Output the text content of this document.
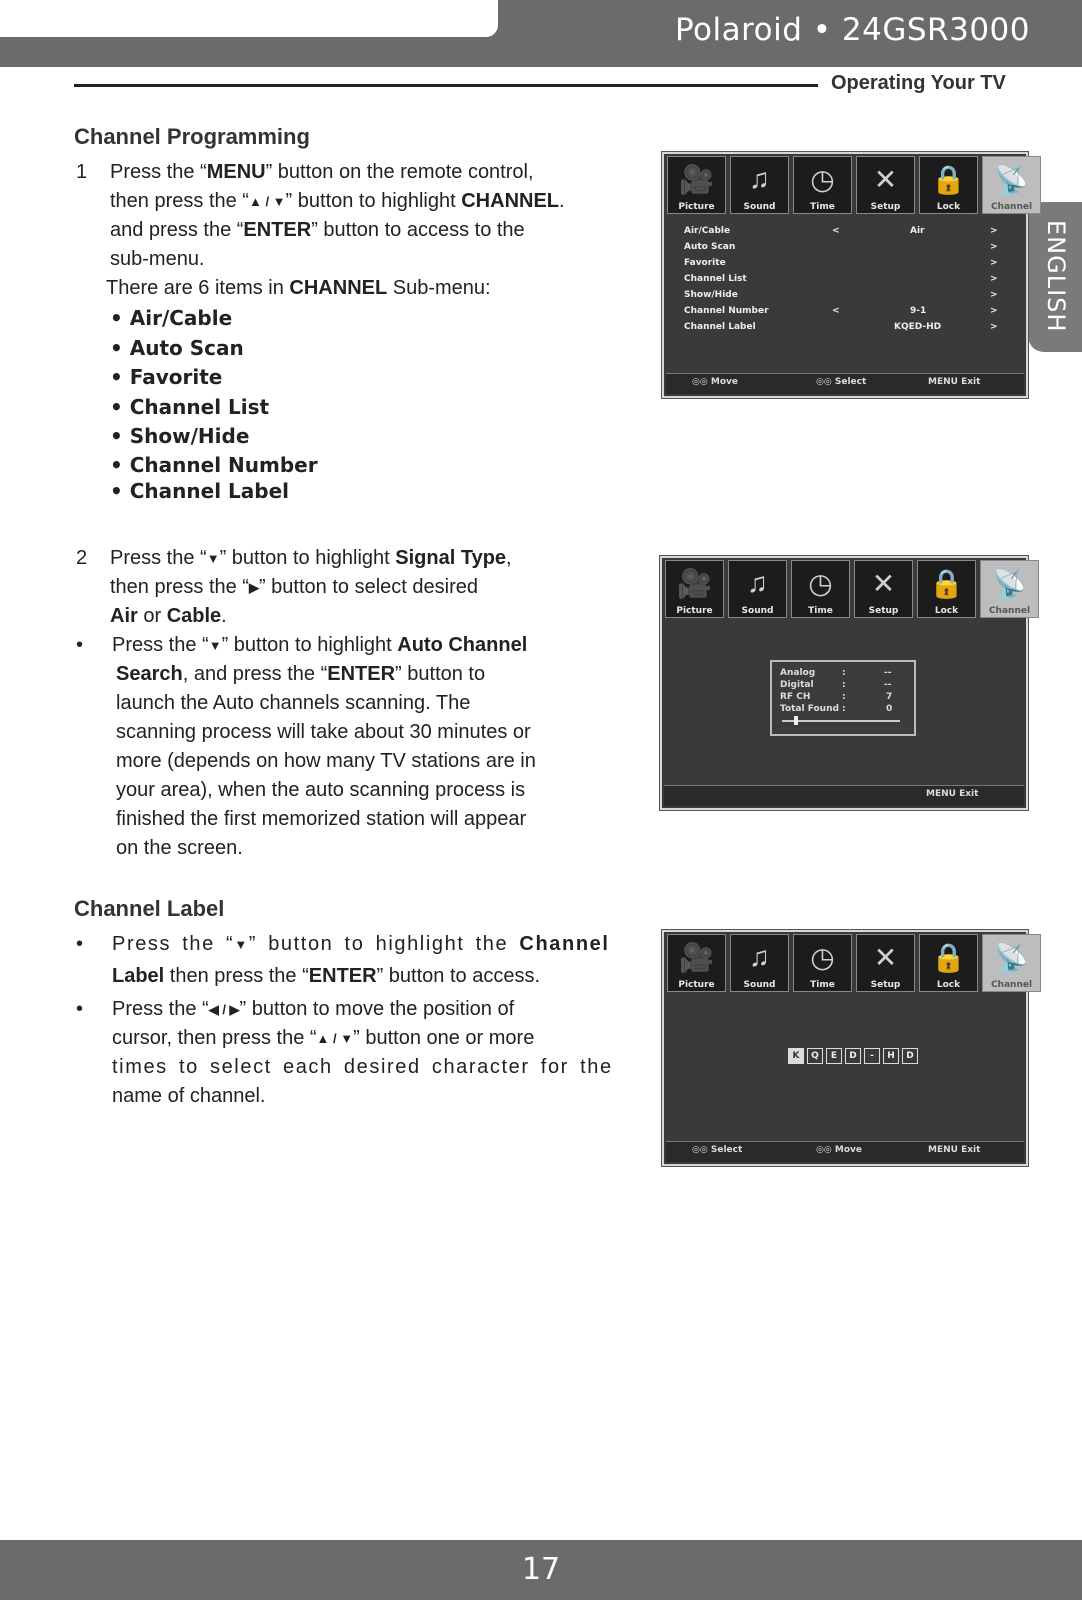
Polaroid • 24GSR3000
Operating Your TV
ENGLISH
Channel Programming
1 Press the “MENU” button on the remote control,
then press the “▲ / ▼” button to highlight CHANNEL.
and press the “ENTER” button to access to the
sub-menu.
There are 6 items in CHANNEL Sub-menu:
• Air/Cable
• Auto Scan
• Favorite
• Channel List
• Show/Hide
• Channel Number
• Channel Label
2 Press the “▼” button to highlight Signal Type,
then press the “▶” button to select desired
Air or Cable.
• Press the “▼” button to highlight Auto Channel
Search, and press the “ENTER” button to
launch the Auto channels scanning. The
scanning process will take about 30 minutes or
more (depends on how many TV stations are in
your area), when the auto scanning process is
finished the first memorized station will appear
on the screen.
Channel Label
• Press the “▼” button to highlight the Channel
Label then press the “ENTER” button to access.
• Press the “◀ / ▶” button to move the position of
cursor, then press the “▲ / ▼” button one or more
times to select each desired character for the
name of channel.
🎥
Picture
♫
Sound
◷
Time
✕
Setup
🔒
Lock
📡
Channel
Air/Cable	<	Air	>
Auto Scan	>
Favorite	>
Channel List	>
Show/Hide	>
Channel Number	<	9-1	>
Channel Label	KQED-HD	>
◎◎ Move	◎◎ Select	MENU Exit
🎥
Picture
♫
Sound
◷
Time
✕
Setup
🔒
Lock
📡
Channel
Analog	:	--
Digital	:	--
RF CH	:	7
Total Found :	0
MENU Exit
🎥
Picture
♫
Sound
◷
Time
✕
Setup
🔒
Lock
📡
Channel
K	Q	E	D	-	H	D
◎◎ Select	◎◎ Move	MENU Exit
17
